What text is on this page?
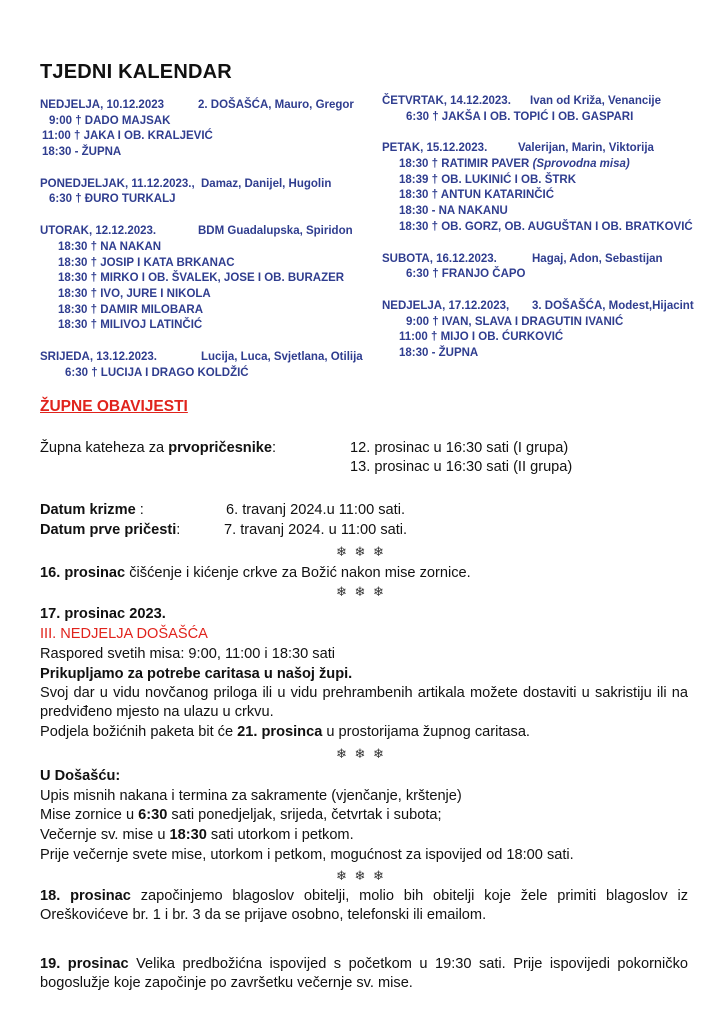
TJEDNI KALENDAR
NEDJELJA, 10.12.2023	2. DOŠAŠĆA, Mauro, Gregor
9:00 † DADO MAJSAK
11:00 † JAKA I OB. KRALJEVIĆ
18:30 - ŽUPNA
PONEDJELJAK, 11.12.2023., Damaz, Danijel, Hugolin
6:30 † ĐURO TURKALJ
UTORAK, 12.12.2023.	BDM Guadalupska, Spiridon
18:30 † NA NAKAN
18:30 † JOSIP I KATA BRKANAC
18:30 † MIRKO I OB. ŠVALEK, JOSE I OB. BURAZER
18:30 † IVO, JURE I NIKOLA
18:30 † DAMIR MILOBARA
18:30 † MILIVOJ LATINČIĆ
SRIJEDA, 13.12.2023.	Lucija, Luca, Svjetlana, Otilija
6:30 † LUCIJA I DRAGO KOLDŽIĆ
ČETVRTAK, 14.12.2023. Ivan od Križa, Venancije
6:30 † JAKŠA I OB. TOPIĆ I OB. GASPARI
PETAK, 15.12.2023.	Valerijan, Marin, Viktorija
18:30 † RATIMIR PAVER (Sprovodna misa)
18:39 † OB. LUKINIĆ I OB. ŠTRK
18:30 † ANTUN KATARINČIĆ
18:30 - NA NAKANU
18:30 † OB. GORZ, OB. AUGUŠTAN I OB. BRATKOVIĆ
SUBOTA, 16.12.2023.	Hagaj, Adon, Sebastijan
6:30 † FRANJO ČAPO
NEDJELJA, 17.12.2023, 3. DOŠAŠĆA, Modest,Hijacint
9:00 † IVAN, SLAVA I DRAGUTIN IVANIĆ
11:00 † MIJO I OB. ĆURKOVIĆ
18:30 - ŽUPNA
ŽUPNE OBAVIJESTI
Župna kateheza za prvopričesnike:	12. prosinac u 16:30 sati (I grupa)
13. prosinac u 16:30 sati (II grupa)
Datum krizme :	6. travanj 2024.u 11:00 sati.
Datum prve pričesti:	7. travanj 2024. u 11:00 sati.
❄ ❄ ❄
16. prosinac čišćenje i kićenje crkve za Božić nakon mise zornice.
❄ ❄ ❄
17. prosinac 2023.
III. NEDJELJA DOŠAŠĆA
Raspored svetih misa: 9:00, 11:00 i 18:30 sati
Prikupljamo za potrebe caritasa u našoj župi.
Svoj dar u vidu novčanog priloga ili u vidu prehrambenih artikala možete dostaviti u sakristiju ili na predviđeno mjesto na ulazu u crkvu.
Podjela božićnih paketa bit će 21. prosinca u prostorijama župnog caritasa.
❄ ❄ ❄
U Došašću:
Upis misnih nakana i termina za sakramente (vjenčanje, krštenje)
Mise zornice u 6:30 sati ponedjeljak, srijeda, četvrtak i subota;
Večernje sv. mise u 18:30 sati utorkom i petkom.
Prije večernje svete mise, utorkom i petkom, mogućnost za ispovijed od 18:00 sati.
❄ ❄ ❄
18. prosinac započinjemo blagoslov obitelji, molio bih obitelji koje žele primiti blagoslov iz Oreškovićeve br. 1 i br. 3 da se prijave osobno, telefonski ili emailom.
19. prosinac Velika predbožićna ispovijed s početkom u 19:30 sati. Prije ispovijedi pokorničko bogoslužje koje započinje po završetku večernje sv. mise.
